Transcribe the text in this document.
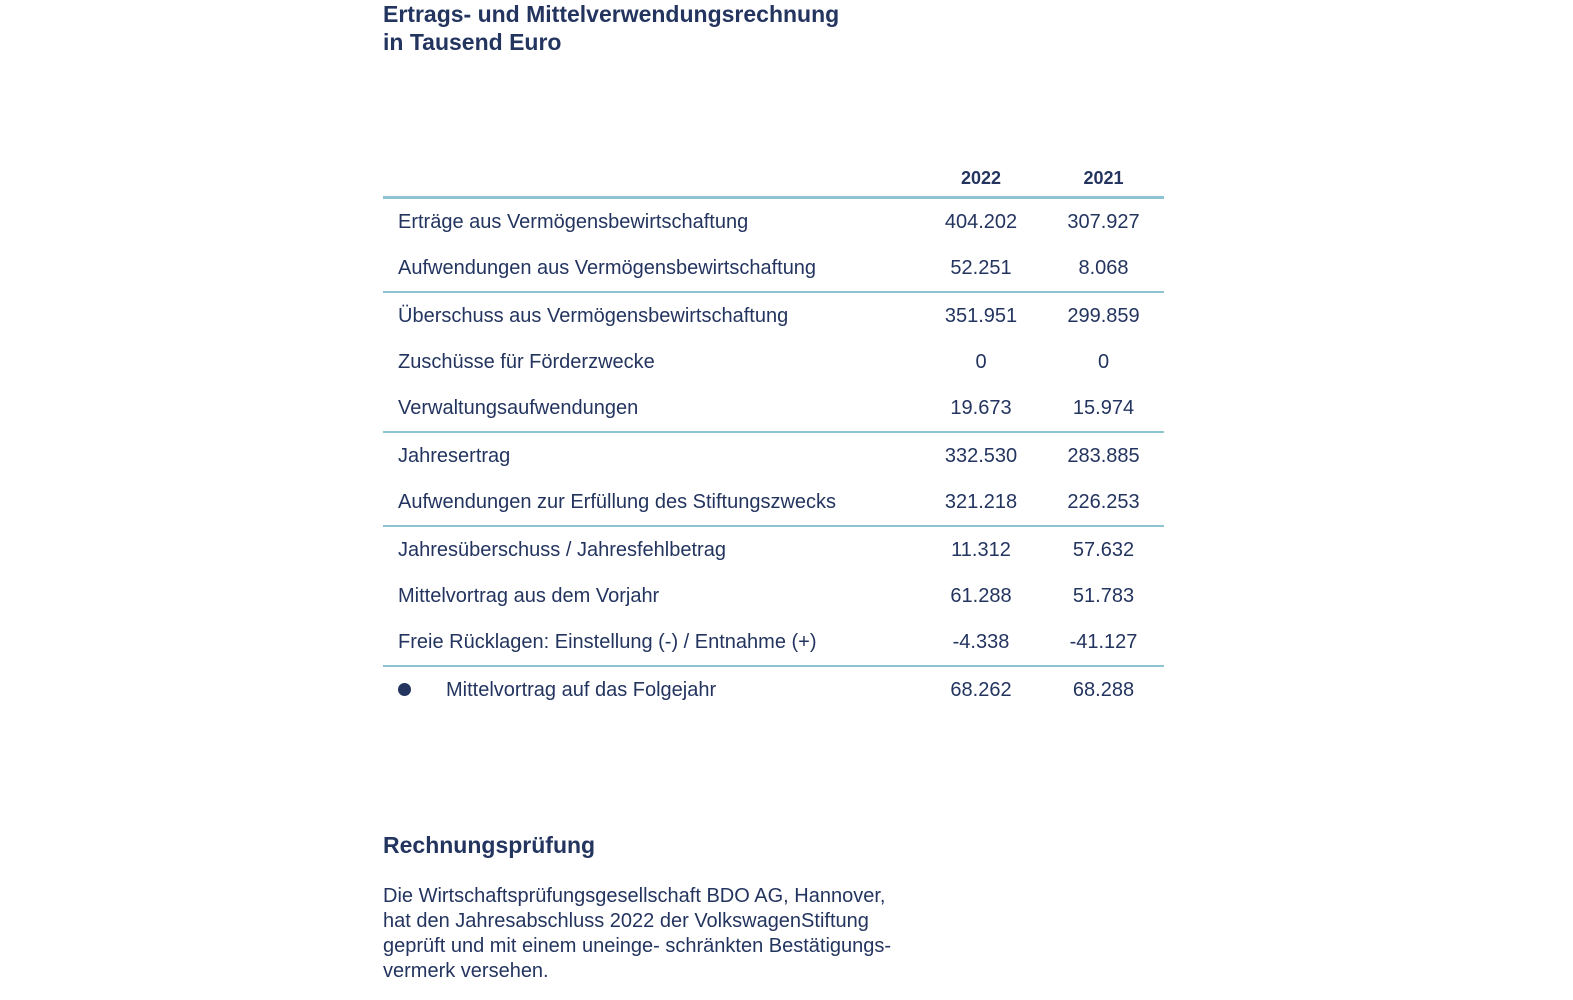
Ertrags- und Mittelverwendungsrechnung
in Tausend Euro
	2022	2021
Erträge aus Vermögensbewirtschaftung	404.202	307.927
Aufwendungen aus Vermögensbewirtschaftung	52.251	8.068
Überschuss aus Vermögensbewirtschaftung	351.951	299.859
Zuschüsse für Förderzwecke	0	0
Verwaltungsaufwendungen	19.673	15.974
Jahresertrag	332.530	283.885
Aufwendungen zur Erfüllung des Stiftungszwecks	321.218	226.253
Jahresüberschuss / Jahresfehlbetrag	11.312	57.632
Mittelvortrag aus dem Vorjahr	61.288	51.783
Freie Rücklagen: Einstellung (-) / Entnahme (+)	-4.338	-41.127
Mittelvortrag auf das Folgejahr	68.262	68.288
Rechnungsprüfung
Die Wirtschaftsprüfungsgesellschaft BDO AG, Hannover,
hat den Jahresabschluss 2022 der VolkswagenStiftung
geprüft und mit einem uneinge- schränkten Bestätigungs-
vermerk versehen.
